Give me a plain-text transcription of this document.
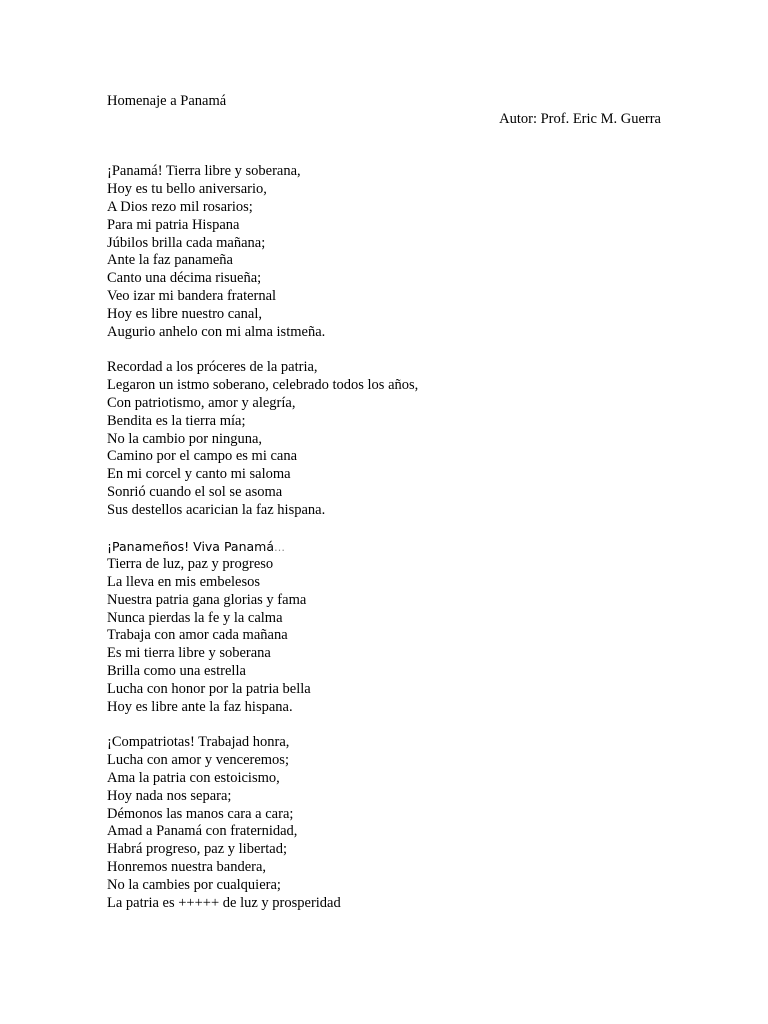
Homenaje a Panamá

Autor: Prof. Eric M. Guerra

¡Panamá! Tierra libre y soberana,
Hoy es tu bello aniversario,
A Dios rezo mil rosarios;
Para mi patria Hispana
Júbilos brilla cada mañana;
Ante la faz panameña
Canto una décima risueña;
Veo izar mi bandera fraternal
Hoy es libre nuestro canal,
Augurio anhelo con mi alma istmeña.
Recordad a los próceres de la patria,
Legaron un istmo soberano, celebrado todos los años,
Con patriotismo, amor y alegría,
Bendita es la tierra mía;
No la cambio por ninguna,
Camino por el campo es mi cana
En mi corcel y canto mi saloma
Sonrió cuando el sol se asoma
Sus destellos acarician la faz hispana.
¡Panameños! Viva Panamá…
Tierra de luz, paz y progreso
La lleva en mis embelesos
Nuestra patria gana glorias y fama
Nunca pierdas la fe y la calma
Trabaja con amor cada mañana
Es mi tierra libre y soberana
Brilla como una estrella
Lucha con honor por la patria bella
Hoy es libre ante la faz hispana.
¡Compatriotas! Trabajad honra,
Lucha con amor y venceremos;
Ama la patria con estoicismo,
Hoy nada nos separa;
Démonos las manos cara a cara;
Amad a Panamá con fraternidad,
Habrá progreso, paz y libertad;
Honremos nuestra bandera,
No la cambies por cualquiera;
La patria es +++++ de luz y prosperidad
